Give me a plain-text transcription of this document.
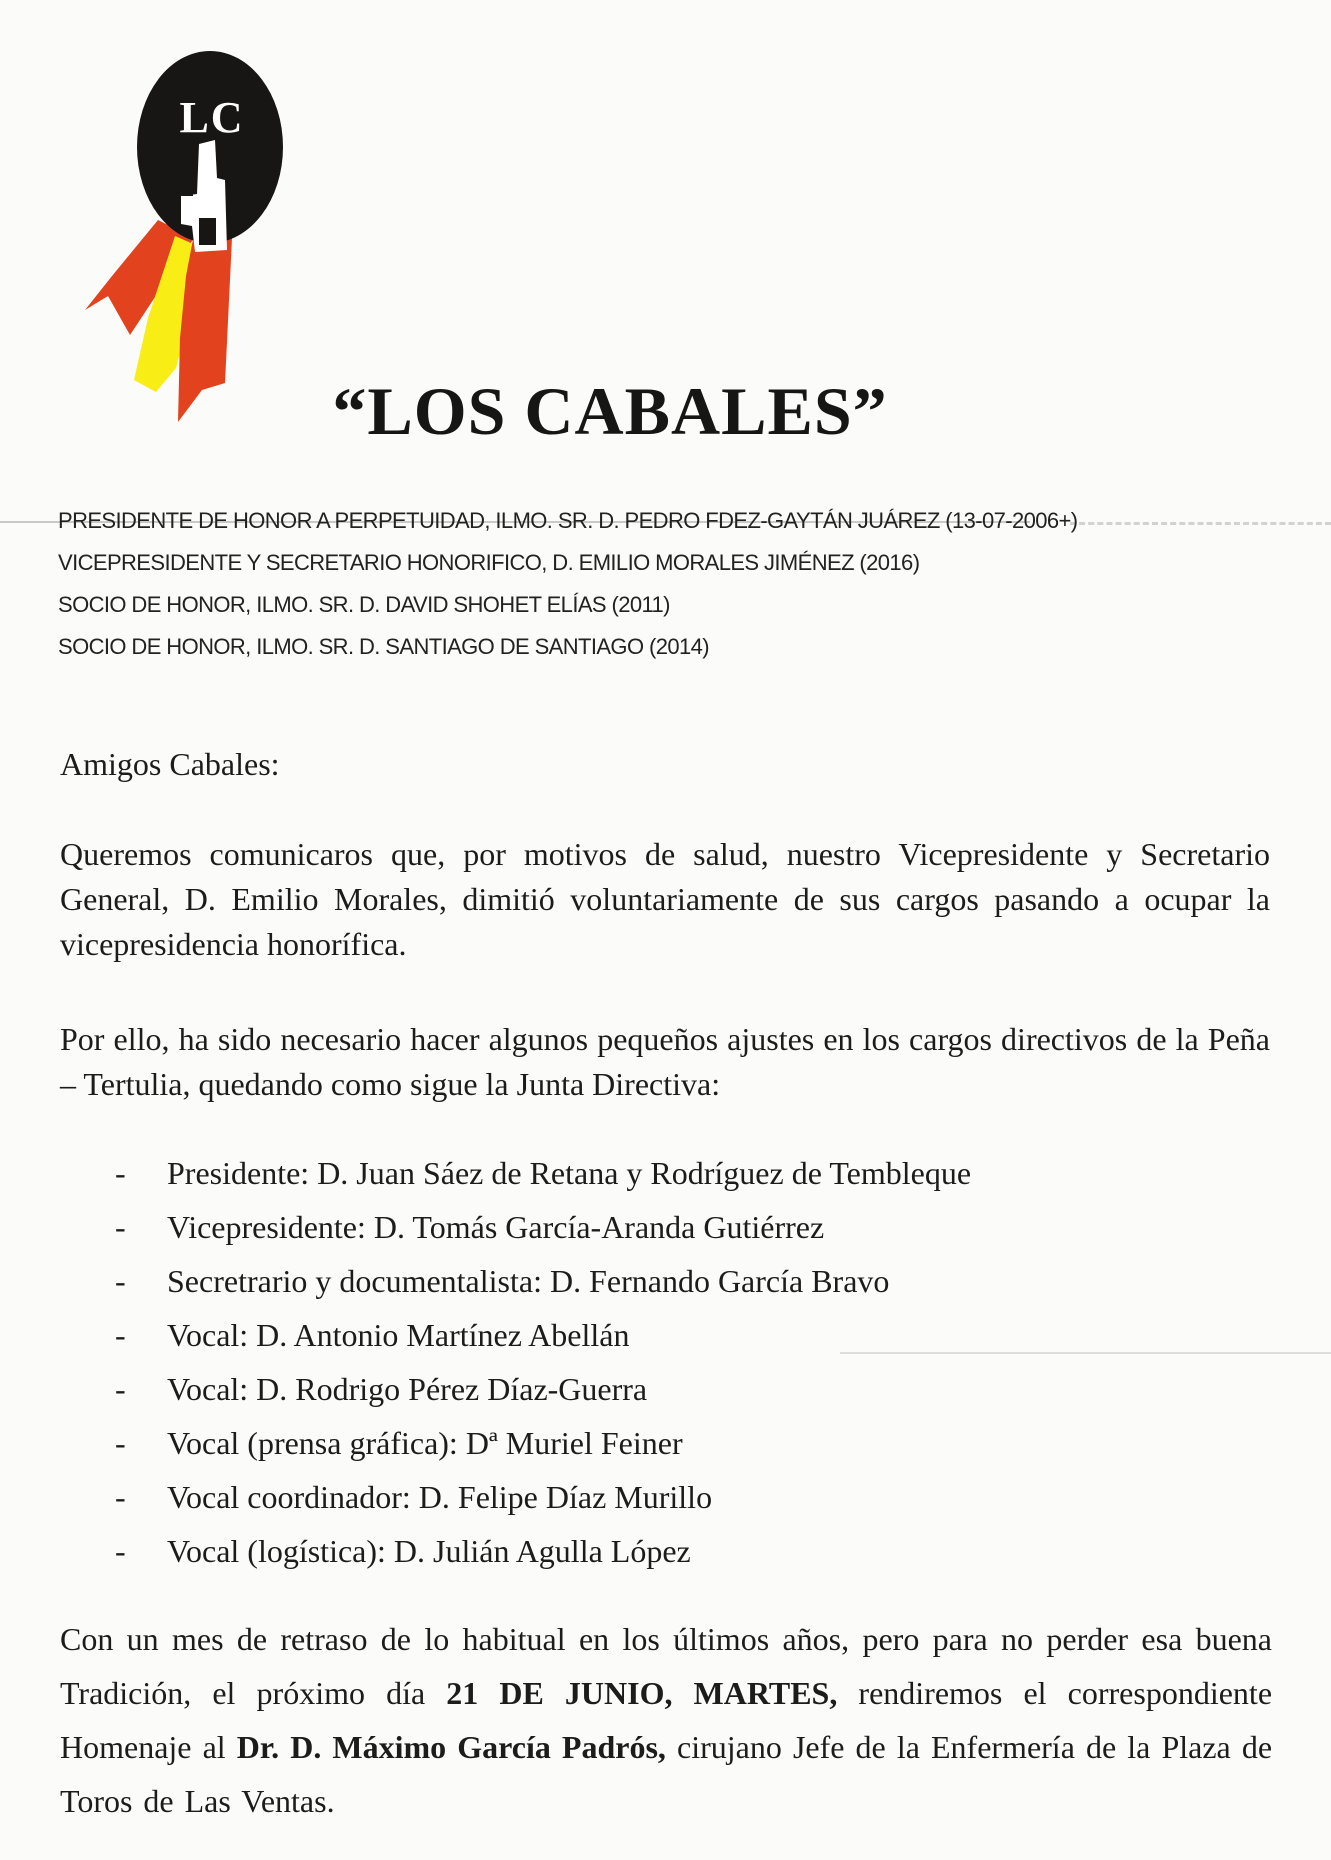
LC
“LOS CABALES”
PRESIDENTE DE HONOR A PERPETUIDAD, ILMO. SR. D. PEDRO FDEZ-GAYTÁN JUÁREZ (13-07-2006+)
VICEPRESIDENTE Y SECRETARIO HONORIFICO, D. EMILIO MORALES JIMÉNEZ (2016)
SOCIO DE HONOR, ILMO. SR. D. DAVID SHOHET ELÍAS (2011)
SOCIO DE HONOR, ILMO. SR. D. SANTIAGO DE SANTIAGO (2014)
Amigos Cabales:
Queremos comunicaros que, por motivos de salud, nuestro Vicepresidente y Secretario General, D. Emilio Morales, dimitió voluntariamente de sus cargos pasando a ocupar la vicepresidencia honorífica.
Por ello, ha sido necesario hacer algunos pequeños ajustes en los cargos directivos de la Peña – Tertulia, quedando como sigue la Junta Directiva:
-	Presidente: D. Juan Sáez de Retana y Rodríguez de Tembleque
-	Vicepresidente: D. Tomás García-Aranda Gutiérrez
-	Secretrario y documentalista: D. Fernando García Bravo
-	Vocal: D. Antonio Martínez Abellán
-	Vocal: D. Rodrigo Pérez Díaz-Guerra
-	Vocal (prensa gráfica): Dª Muriel Feiner
-	Vocal coordinador: D. Felipe Díaz Murillo
-	Vocal (logística): D. Julián Agulla López
Con un mes de retraso de lo habitual en los últimos años, pero para no perder esa buena Tradición, el próximo día 21 DE JUNIO, MARTES, rendiremos el correspondiente Homenaje al Dr. D. Máximo García Padrós, cirujano Jefe de la Enfermería de la Plaza de Toros de Las Ventas.
